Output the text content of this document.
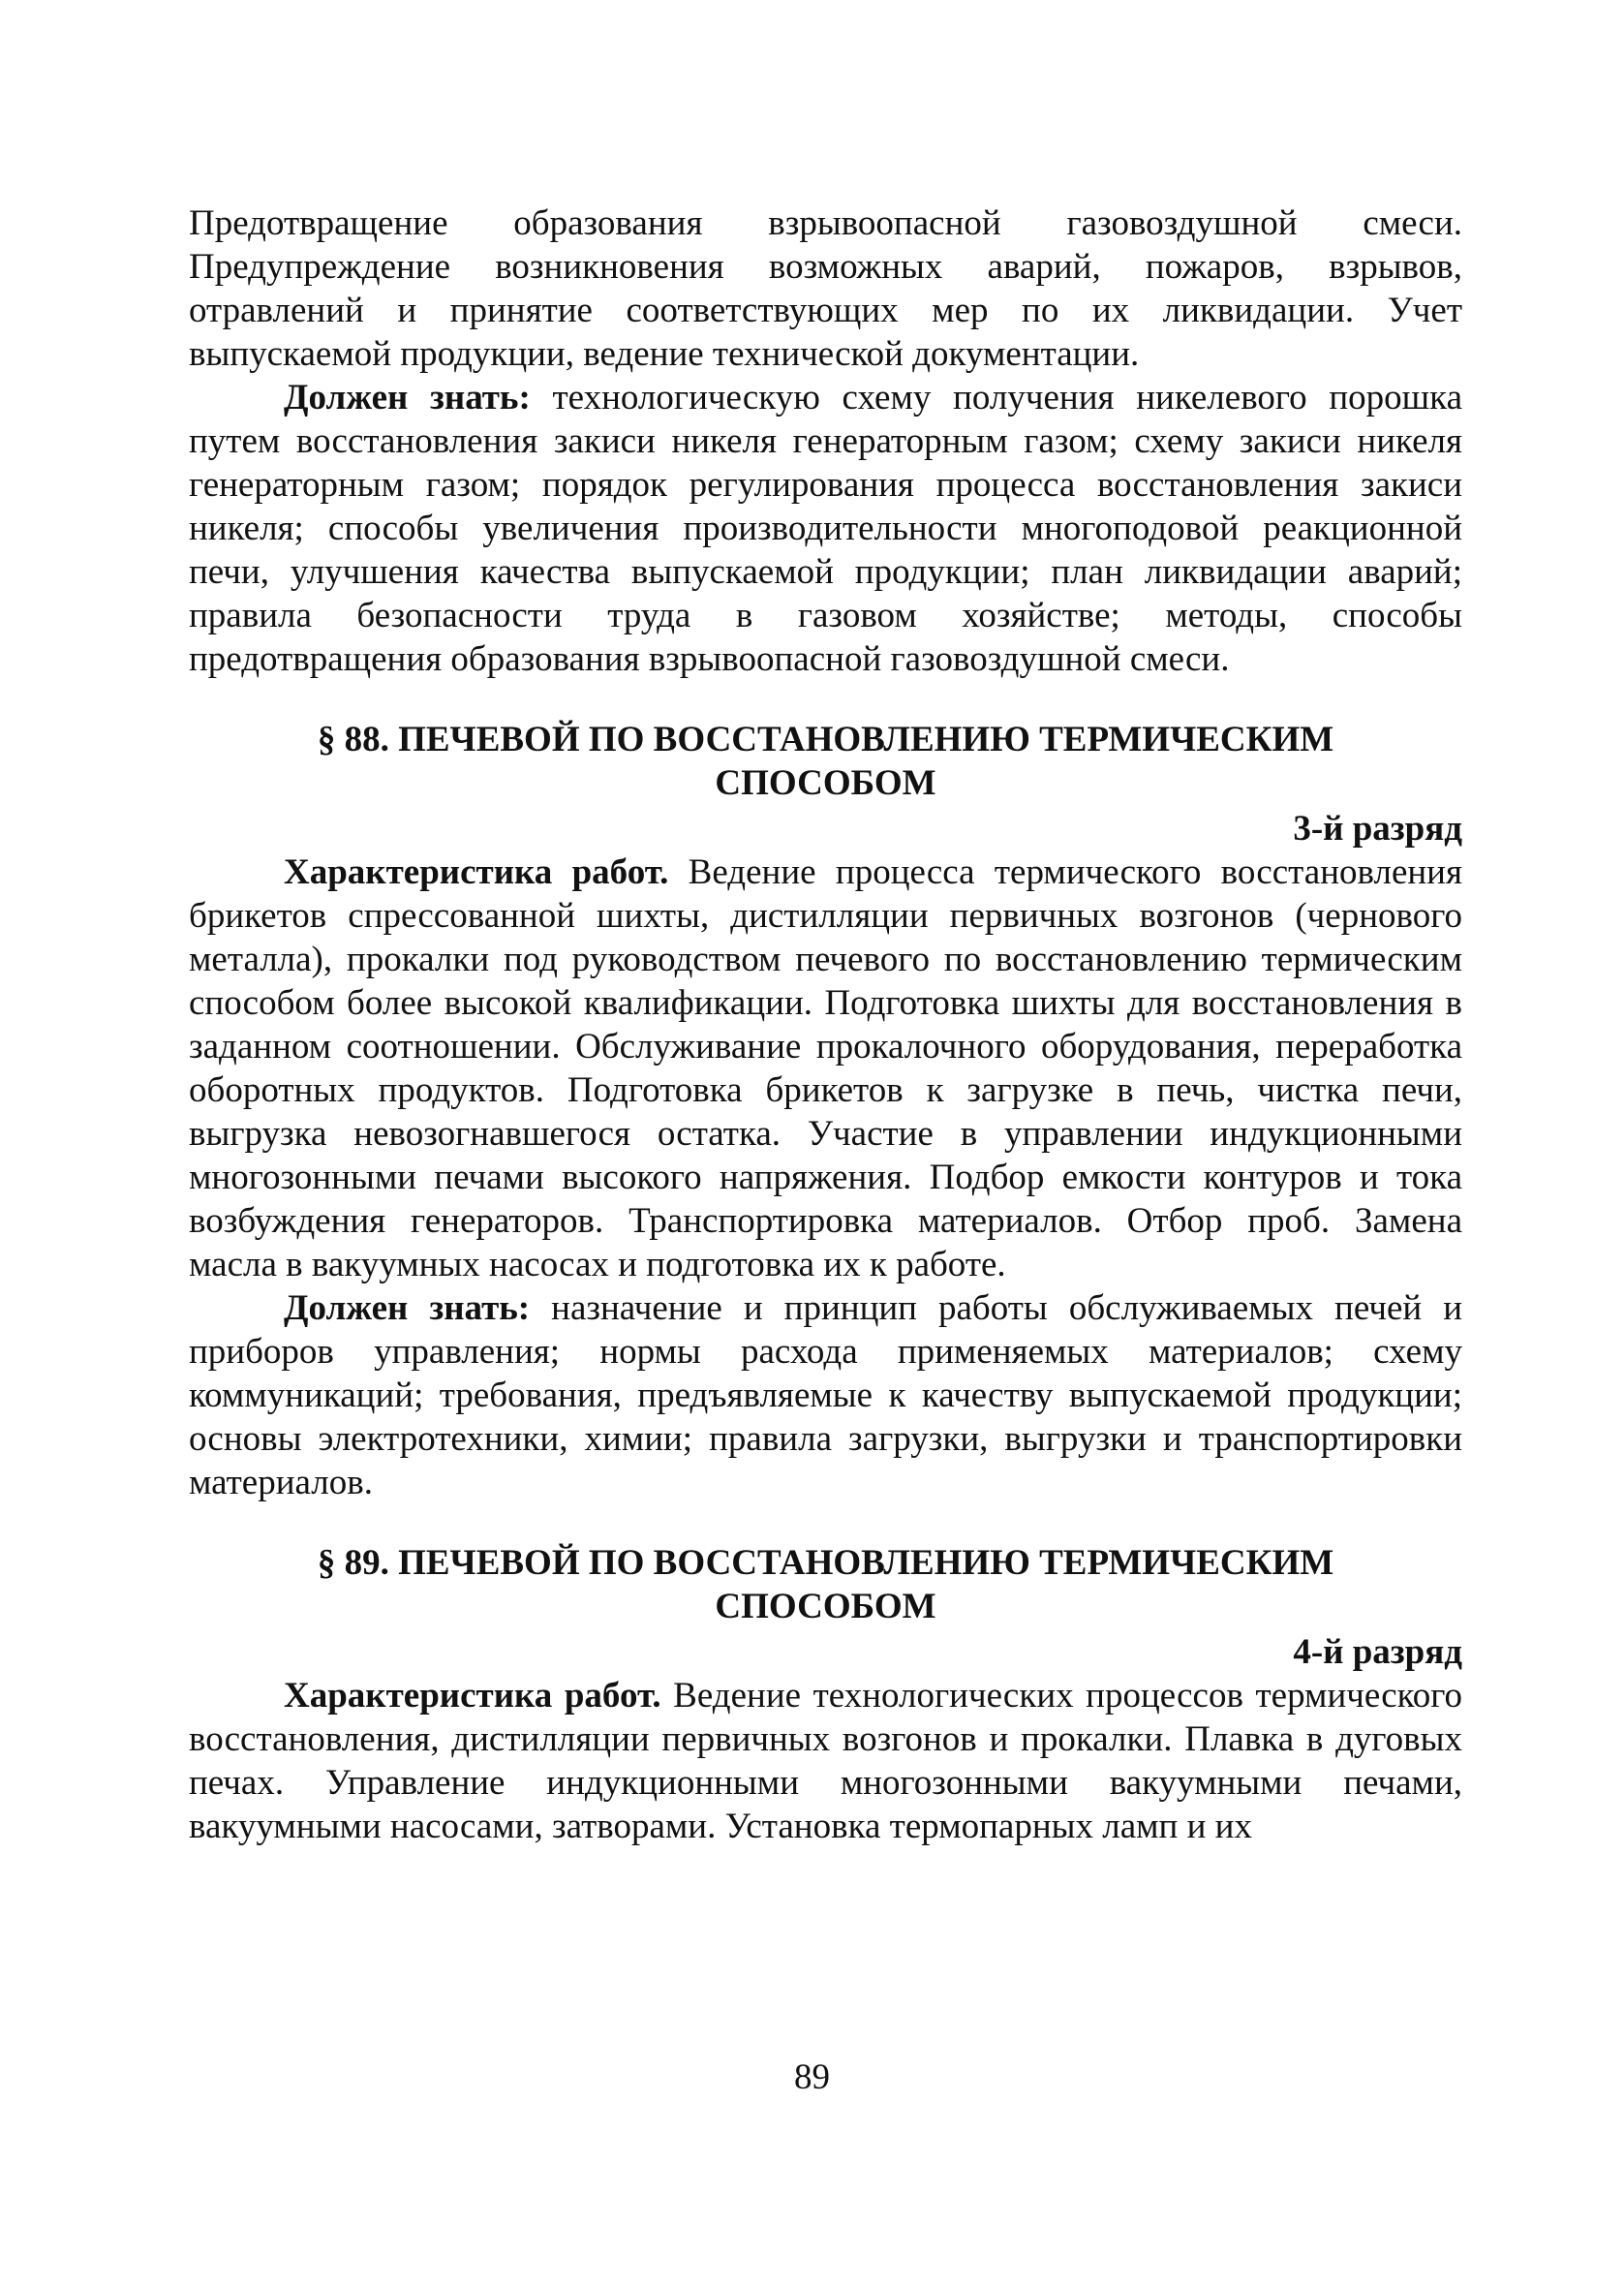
Предотвращение образования взрывоопасной газовоздушной смеси. Предупреждение возникновения возможных аварий, пожаров, взрывов, отравлений и принятие соответствующих мер по их ликвидации. Учет выпускаемой продукции, ведение технической документации.

Должен знать: технологическую схему получения никелевого порошка путем восстановления закиси никеля генераторным газом; схему закиси никеля генераторным газом; порядок регулирования процесса восстановления закиси никеля; способы увеличения производительности многоподовой реакционной печи, улучшения качества выпускаемой продукции; план ликвидации аварий; правила безопасности труда в газовом хозяйстве; методы, способы предотвращения образования взрывоопасной газовоздушной смеси.

§ 88. ПЕЧЕВОЙ ПО ВОССТАНОВЛЕНИЮ ТЕРМИЧЕСКИМ
СПОСОБОМ
3-й разряд

Характеристика работ. Ведение процесса термического восстановления брикетов спрессованной шихты, дистилляции первичных возгонов (чернового металла), прокалки под руководством печевого по восстановлению термическим способом более высокой квалификации. Подготовка шихты для восстановления в заданном соотношении. Обслуживание прокалочного оборудования, переработка оборотных продуктов. Подготовка брикетов к загрузке в печь, чистка печи, выгрузка невозогнавшегося остатка. Участие в управлении индукционными многозонными печами высокого напряжения. Подбор емкости контуров и тока возбуждения генераторов. Транспортировка материалов. Отбор проб. Замена масла в вакуумных насосах и подготовка их к работе.

Должен знать: назначение и принцип работы обслуживаемых печей и приборов управления; нормы расхода применяемых материалов; схему коммуникаций; требования, предъявляемые к качеству выпускаемой продукции; основы электротехники, химии; правила загрузки, выгрузки и транспортировки материалов.

§ 89. ПЕЧЕВОЙ ПО ВОССТАНОВЛЕНИЮ ТЕРМИЧЕСКИМ
СПОСОБОМ
4-й разряд

Характеристика работ. Ведение технологических процессов термического восстановления, дистилляции первичных возгонов и прокалки. Плавка в дуговых печах. Управление индукционными многозонными вакуумными печами, вакуумными насосами, затворами. Установка термопарных ламп и их

89
